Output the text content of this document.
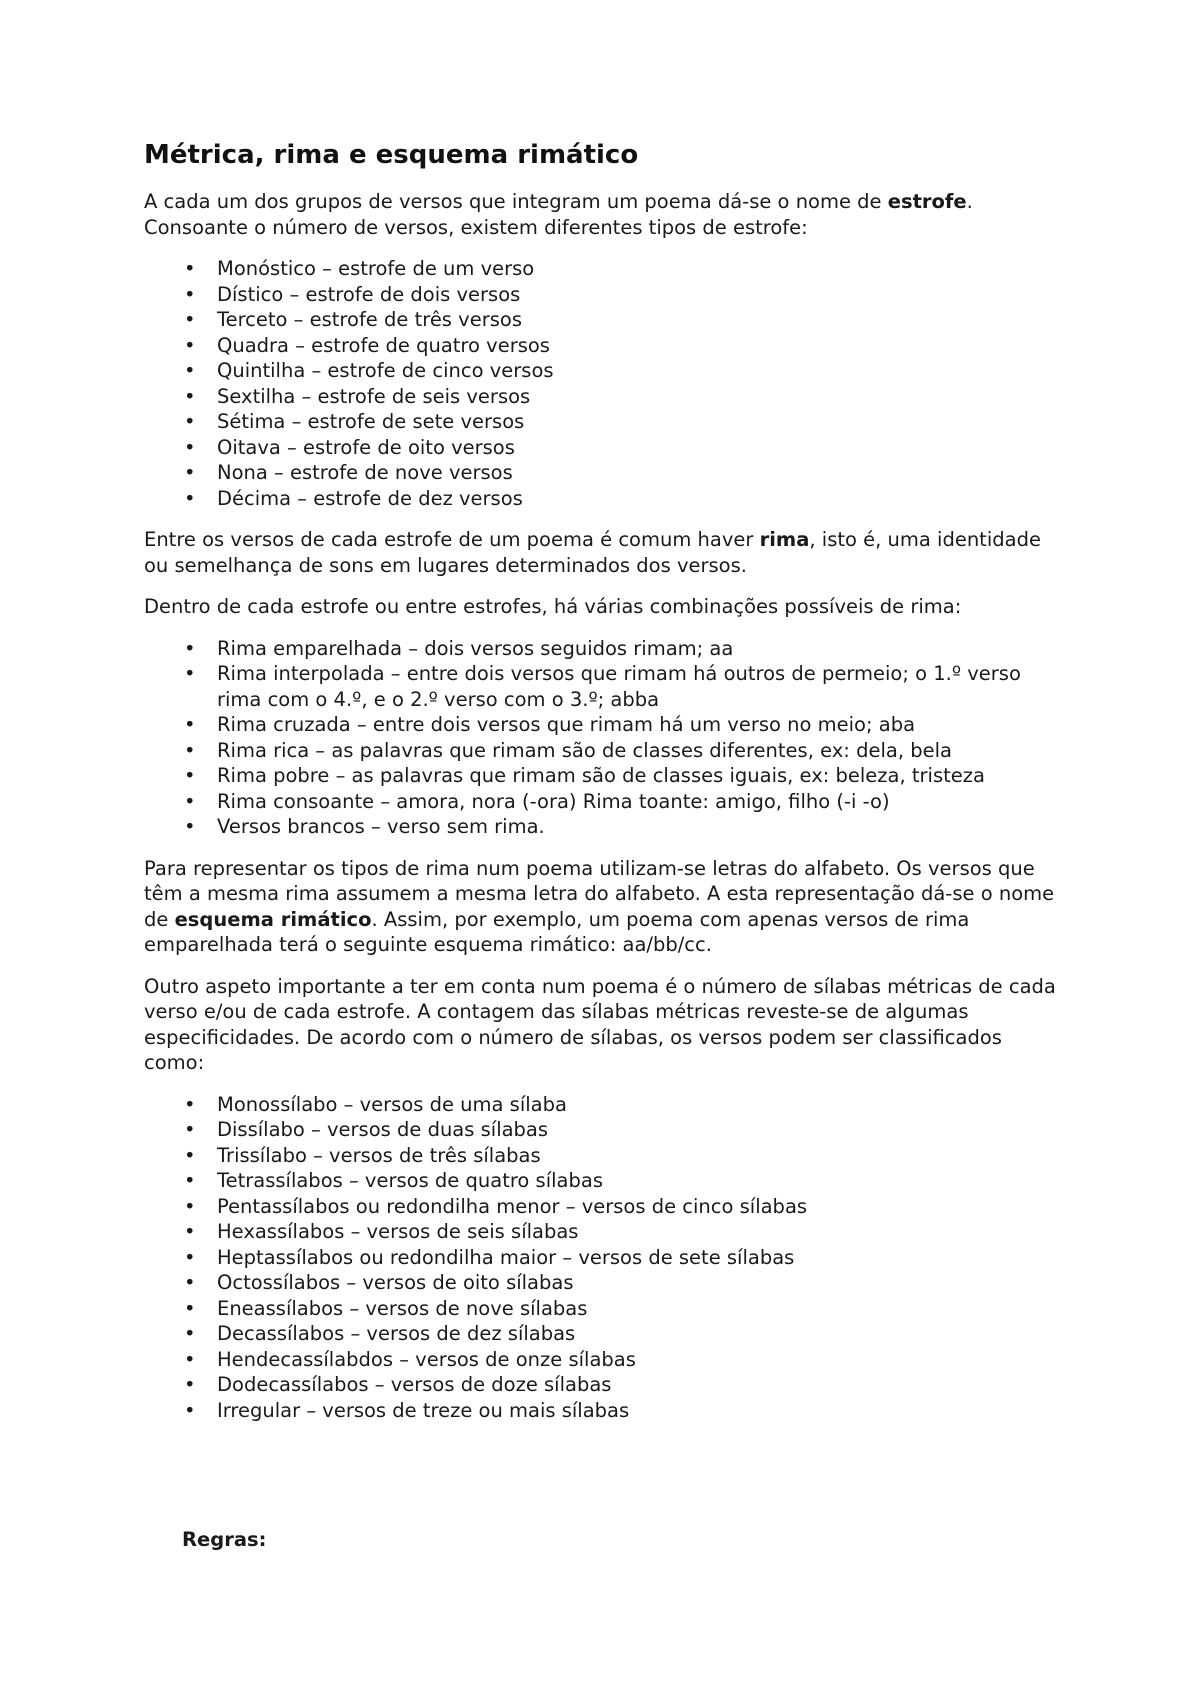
Métrica, rima e esquema rimático

A cada um dos grupos de versos que integram um poema dá-se o nome de estrofe. Consoante o número de versos, existem diferentes tipos de estrofe:

• Monóstico – estrofe de um verso
• Dístico – estrofe de dois versos
• Terceto – estrofe de três versos
• Quadra – estrofe de quatro versos
• Quintilha – estrofe de cinco versos
• Sextilha – estrofe de seis versos
• Sétima – estrofe de sete versos
• Oitava – estrofe de oito versos
• Nona – estrofe de nove versos
• Décima – estrofe de dez versos

Entre os versos de cada estrofe de um poema é comum haver rima, isto é, uma identidade ou semelhança de sons em lugares determinados dos versos.

Dentro de cada estrofe ou entre estrofes, há várias combinações possíveis de rima:

• Rima emparelhada – dois versos seguidos rimam; aa
• Rima interpolada – entre dois versos que rimam há outros de permeio; o 1.º verso rima com o 4.º, e o 2.º verso com o 3.º; abba
• Rima cruzada – entre dois versos que rimam há um verso no meio; aba
• Rima rica – as palavras que rimam são de classes diferentes, ex: dela, bela
• Rima pobre – as palavras que rimam são de classes iguais, ex: beleza, tristeza
• Rima consoante – amora, nora (-ora) Rima toante: amigo, filho (-i -o)
• Versos brancos – verso sem rima.

Para representar os tipos de rima num poema utilizam-se letras do alfabeto. Os versos que têm a mesma rima assumem a mesma letra do alfabeto. A esta representação dá-se o nome de esquema rimático. Assim, por exemplo, um poema com apenas versos de rima emparelhada terá o seguinte esquema rimático: aa/bb/cc.

Outro aspeto importante a ter em conta num poema é o número de sílabas métricas de cada verso e/ou de cada estrofe. A contagem das sílabas métricas reveste-se de algumas especificidades. De acordo com o número de sílabas, os versos podem ser classificados como:

• Monossílabo – versos de uma sílaba
• Dissílabo – versos de duas sílabas
• Trissílabo – versos de três sílabas
• Tetrassílabos – versos de quatro sílabas
• Pentassílabos ou redondilha menor – versos de cinco sílabas
• Hexassílabos – versos de seis sílabas
• Heptassílabos ou redondilha maior – versos de sete sílabas
• Octossílabos – versos de oito sílabas
• Eneassílabos – versos de nove sílabas
• Decassílabos – versos de dez sílabas
• Hendecassílabdos – versos de onze sílabas
• Dodecassílabos – versos de doze sílabas
• Irregular – versos de treze ou mais sílabas
Regras:
